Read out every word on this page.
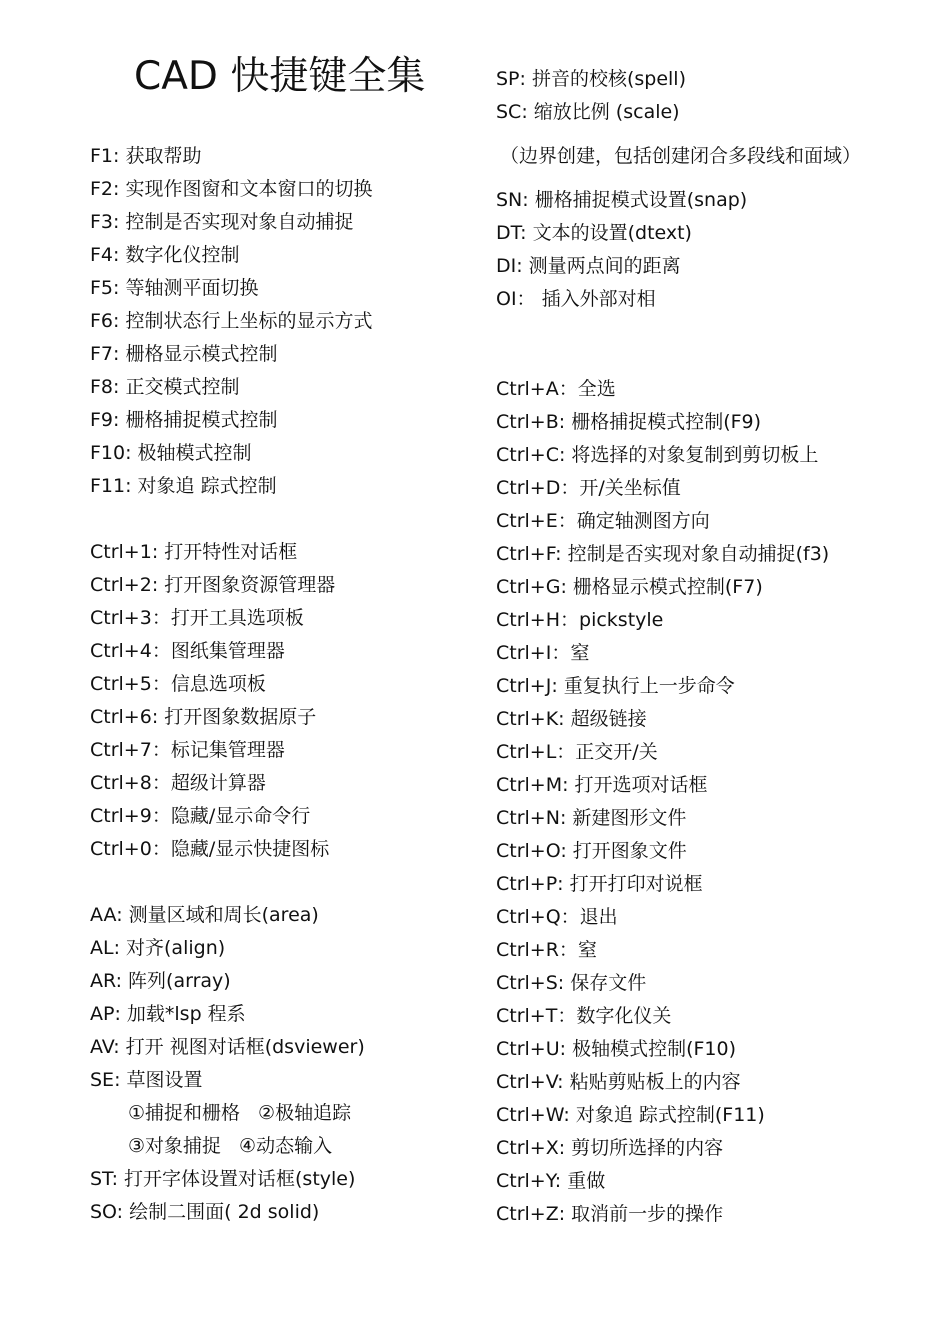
CAD 快捷键全集
F1: 获取帮助
F2: 实现作图窗和文本窗口的切换
F3: 控制是否实现对象自动捕捉
F4: 数字化仪控制
F5: 等轴测平面切换
F6: 控制状态行上坐标的显示方式
F7: 栅格显示模式控制
F8: 正交模式控制
F9: 栅格捕捉模式控制
F10: 极轴模式控制
F11: 对象追 踪式控制
Ctrl+1: 打开特性对话框
Ctrl+2: 打开图象资源管理器
Ctrl+3：打开工具选项板
Ctrl+4：图纸集管理器
Ctrl+5：信息选项板
Ctrl+6: 打开图象数据原子
Ctrl+7：标记集管理器
Ctrl+8：超级计算器
Ctrl+9：隐藏/显示命令行
Ctrl+0：隐藏/显示快捷图标
AA: 测量区域和周长(area)
AL: 对齐(align)
AR: 阵列(array)
AP: 加载*lsp 程系
AV: 打开 视图对话框(dsviewer)
SE: 草图设置
①捕捉和栅格 ②极轴追踪
③对象捕捉 ④动态输入
ST: 打开字体设置对话框(style)
SO: 绘制二围面( 2d solid)
SP: 拼音的校核(spell)
SC: 缩放比例 (scale)
（边界创建，包括创建闭合多段线和面域）
SN: 栅格捕捉模式设置(snap)
DT: 文本的设置(dtext)
DI: 测量两点间的距离
OI： 插入外部对相
Ctrl+A：全选
Ctrl+B: 栅格捕捉模式控制(F9)
Ctrl+C: 将选择的对象复制到剪切板上
Ctrl+D：开/关坐标值
Ctrl+E：确定轴测图方向
Ctrl+F: 控制是否实现对象自动捕捉(f3)
Ctrl+G: 栅格显示模式控制(F7)
Ctrl+H：pickstyle
Ctrl+I：窒
Ctrl+J: 重复执行上一步命令
Ctrl+K: 超级链接
Ctrl+L：正交开/关
Ctrl+M: 打开选项对话框
Ctrl+N: 新建图形文件
Ctrl+O: 打开图象文件
Ctrl+P: 打开打印对说框
Ctrl+Q：退出
Ctrl+R：窒
Ctrl+S: 保存文件
Ctrl+T：数字化仪关
Ctrl+U: 极轴模式控制(F10)
Ctrl+V: 粘贴剪贴板上的内容
Ctrl+W: 对象追 踪式控制(F11)
Ctrl+X: 剪切所选择的内容
Ctrl+Y: 重做
Ctrl+Z: 取消前一步的操作
